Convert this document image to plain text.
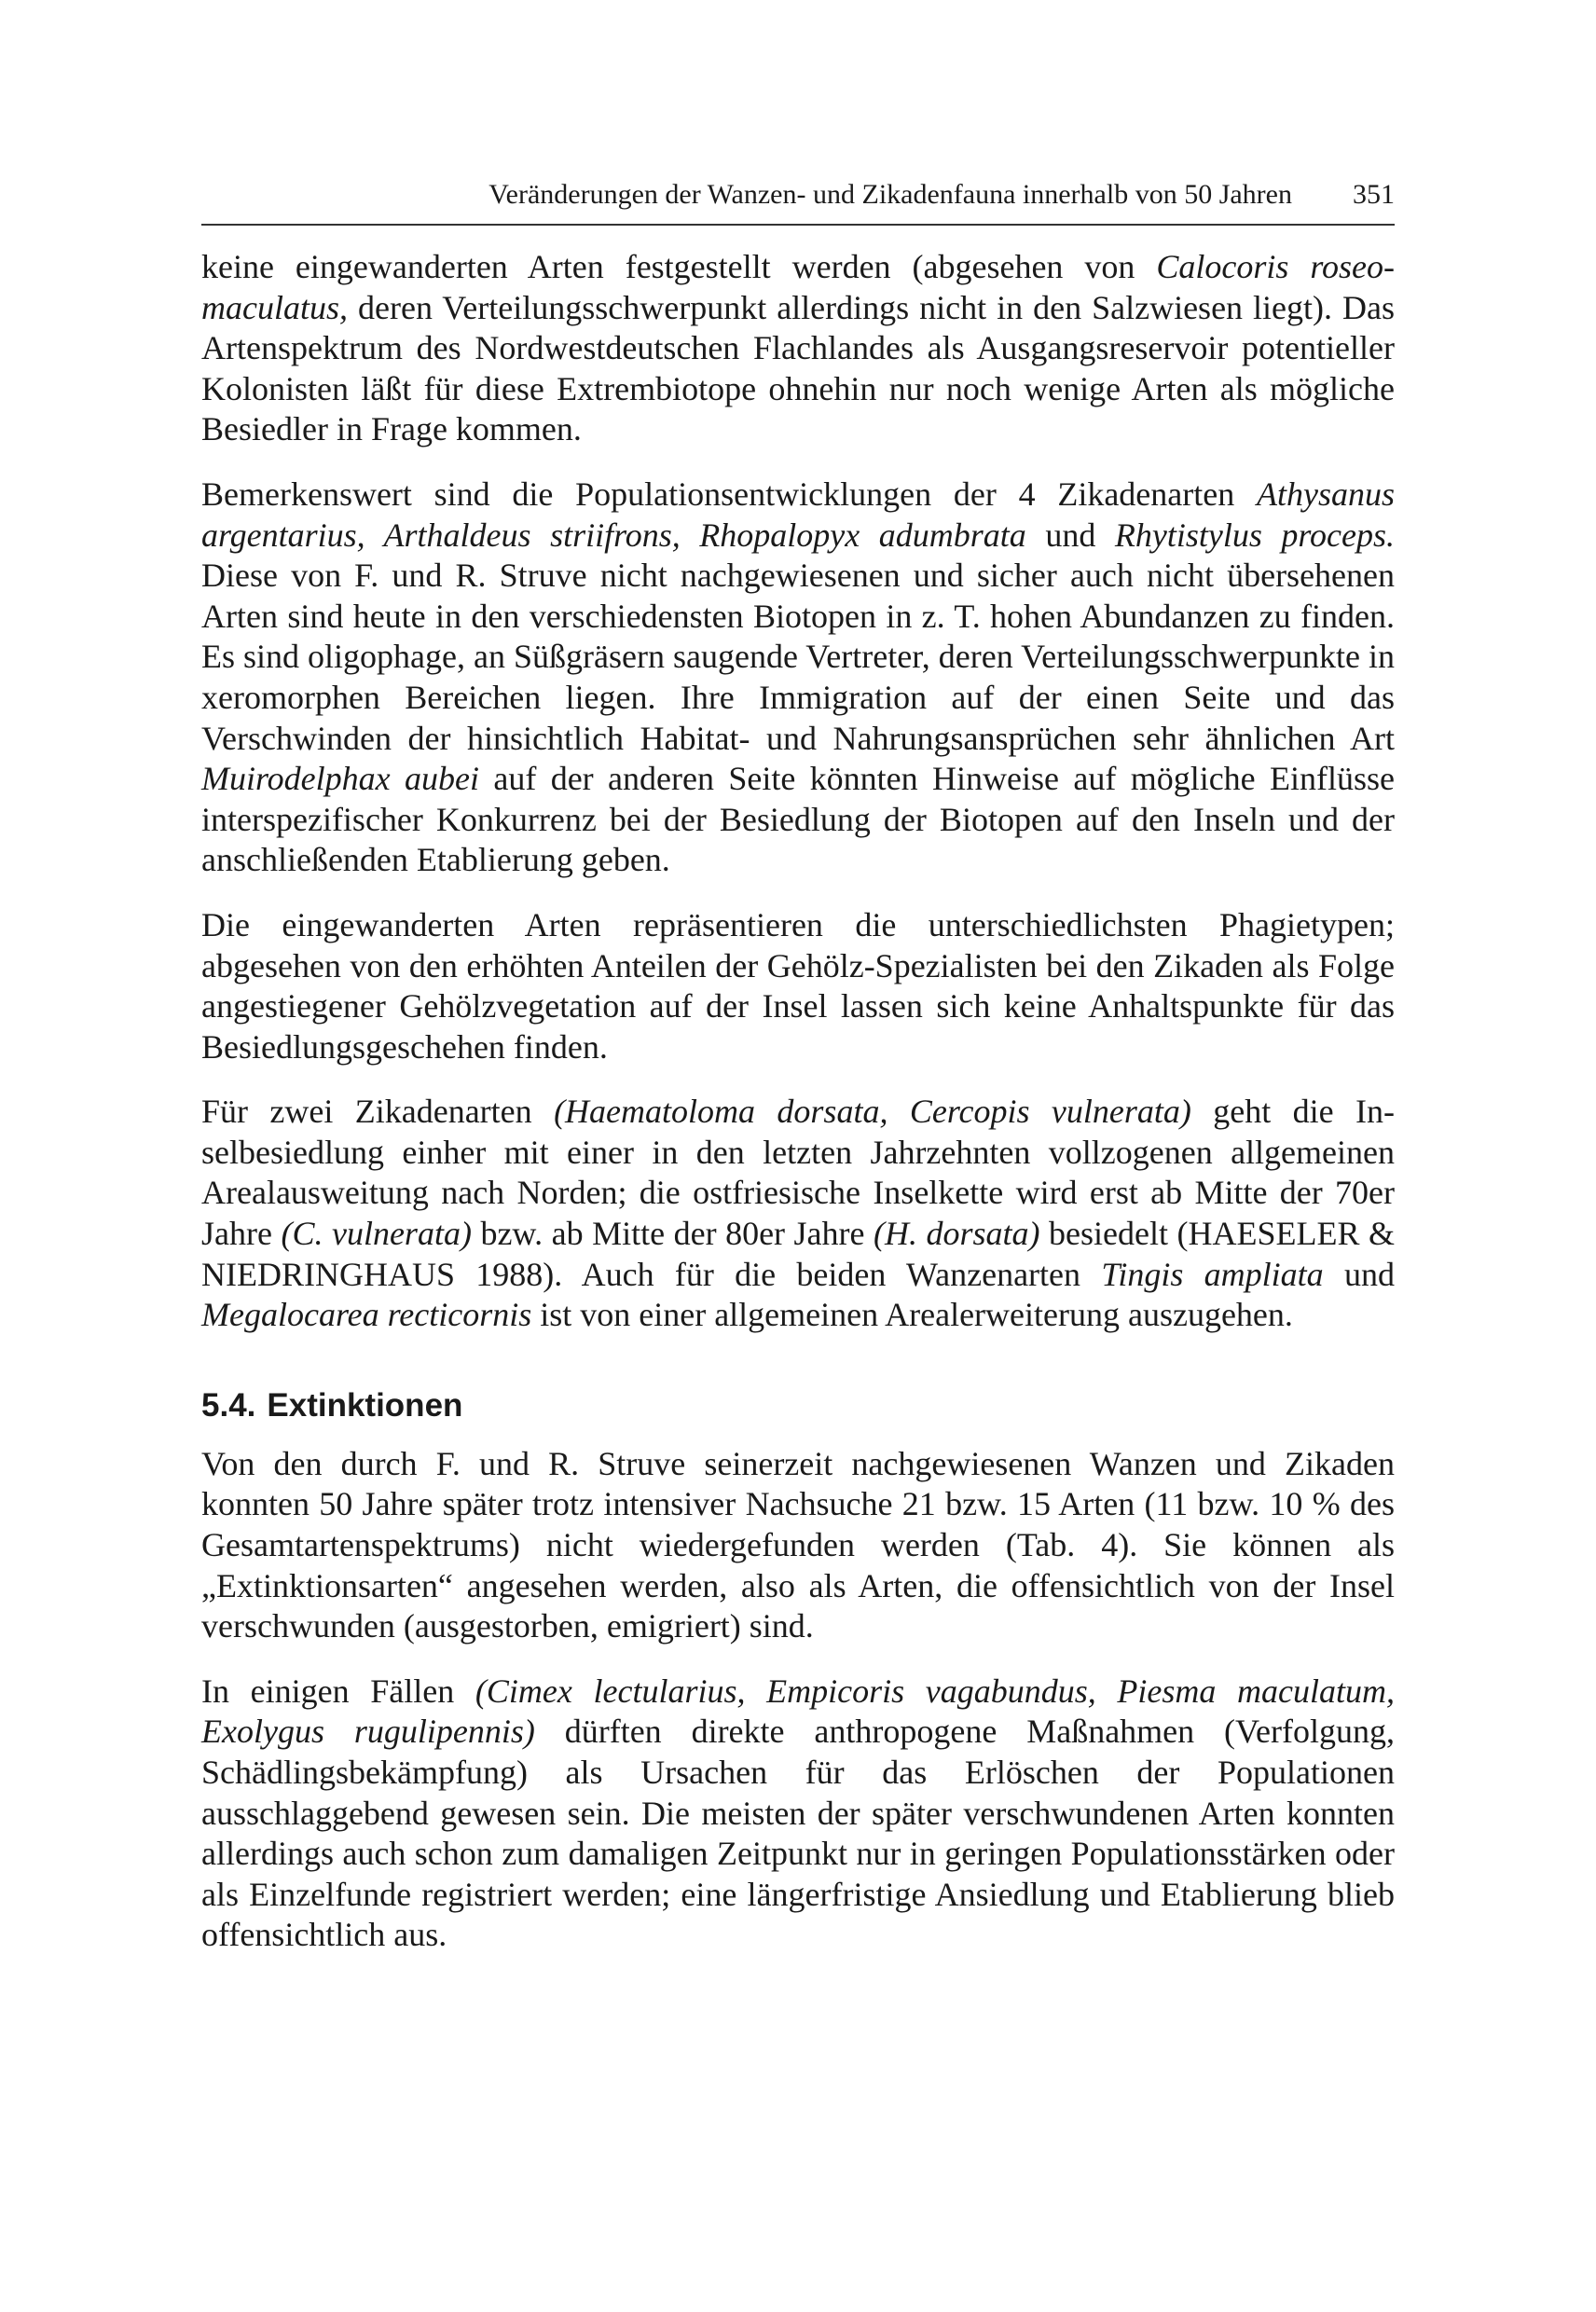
Veränderungen der Wanzen- und Zikadenfauna innerhalb von 50 Jahren 351

keine eingewanderten Arten festgestellt werden (abgesehen von Calocoris roseomaculatus, deren Verteilungsschwerpunkt allerdings nicht in den Salzwiesen liegt). Das Artenspektrum des Nordwestdeutschen Flachlandes als Ausgangsreservoir potentieller Kolonisten läßt für diese Extrembiotope ohnehin nur noch wenige Arten als mögliche Besiedler in Frage kommen.

Bemerkenswert sind die Populationsentwicklungen der 4 Zikadenarten Athysanus argentarius, Arthaldeus striifrons, Rhopalopyx adumbrata und Rhytistylus proceps. Diese von F. und R. Struve nicht nachgewiesenen und sicher auch nicht übersehenen Arten sind heute in den verschiedensten Biotopen in z. T. hohen Abundanzen zu finden. Es sind oligophage, an Süßgräsern saugende Vertreter, deren Verteilungsschwerpunkte in xeromorphen Bereichen liegen. Ihre Immigration auf der einen Seite und das Verschwinden der hinsichtlich Habitat- und Nahrungsansprüchen sehr ähnlichen Art Muirodelphax aubei auf der anderen Seite könnten Hinweise auf mögliche Einflüsse interspezifischer Konkurrenz bei der Besiedlung der Biotopen auf den Inseln und der anschließenden Etablierung geben.

Die eingewanderten Arten repräsentieren die unterschiedlichsten Phagietypen; abgesehen von den erhöhten Anteilen der Gehölz-Spezialisten bei den Zikaden als Folge angestiegener Gehölzvegetation auf der Insel lassen sich keine Anhaltspunkte für das Besiedlungsgeschehen finden.

Für zwei Zikadenarten (Haematoloma dorsata, Cercopis vulnerata) geht die Inselbesiedlung einher mit einer in den letzten Jahrzehnten vollzogenen allgemeinen Arealausweitung nach Norden; die ostfriesische Inselkette wird erst ab Mitte der 70er Jahre (C. vulnerata) bzw. ab Mitte der 80er Jahre (H. dorsata) besiedelt (HAESELER & NIEDRINGHAUS 1988). Auch für die beiden Wanzenarten Tingis ampliata und Megalocarea recticornis ist von einer allgemeinen Arealerweiterung auszugehen.

5.4. Extinktionen

Von den durch F. und R. Struve seinerzeit nachgewiesenen Wanzen und Zikaden konnten 50 Jahre später trotz intensiver Nachsuche 21 bzw. 15 Arten (11 bzw. 10 % des Gesamtartenspektrums) nicht wiedergefunden werden (Tab. 4). Sie können als „Extinktionsarten“ angesehen werden, also als Arten, die offensichtlich von der Insel verschwunden (ausgestorben, emigriert) sind.

In einigen Fällen (Cimex lectularius, Empicoris vagabundus, Piesma maculatum, Exolygus rugulipennis) dürften direkte anthropogene Maßnahmen (Verfolgung, Schädlingsbekämpfung) als Ursachen für das Erlöschen der Populationen ausschlaggebend gewesen sein. Die meisten der später verschwundenen Arten konnten allerdings auch schon zum damaligen Zeitpunkt nur in geringen Populationsstärken oder als Einzelfunde registriert werden; eine längerfristige Ansiedlung und Etablierung blieb offensichtlich aus.
